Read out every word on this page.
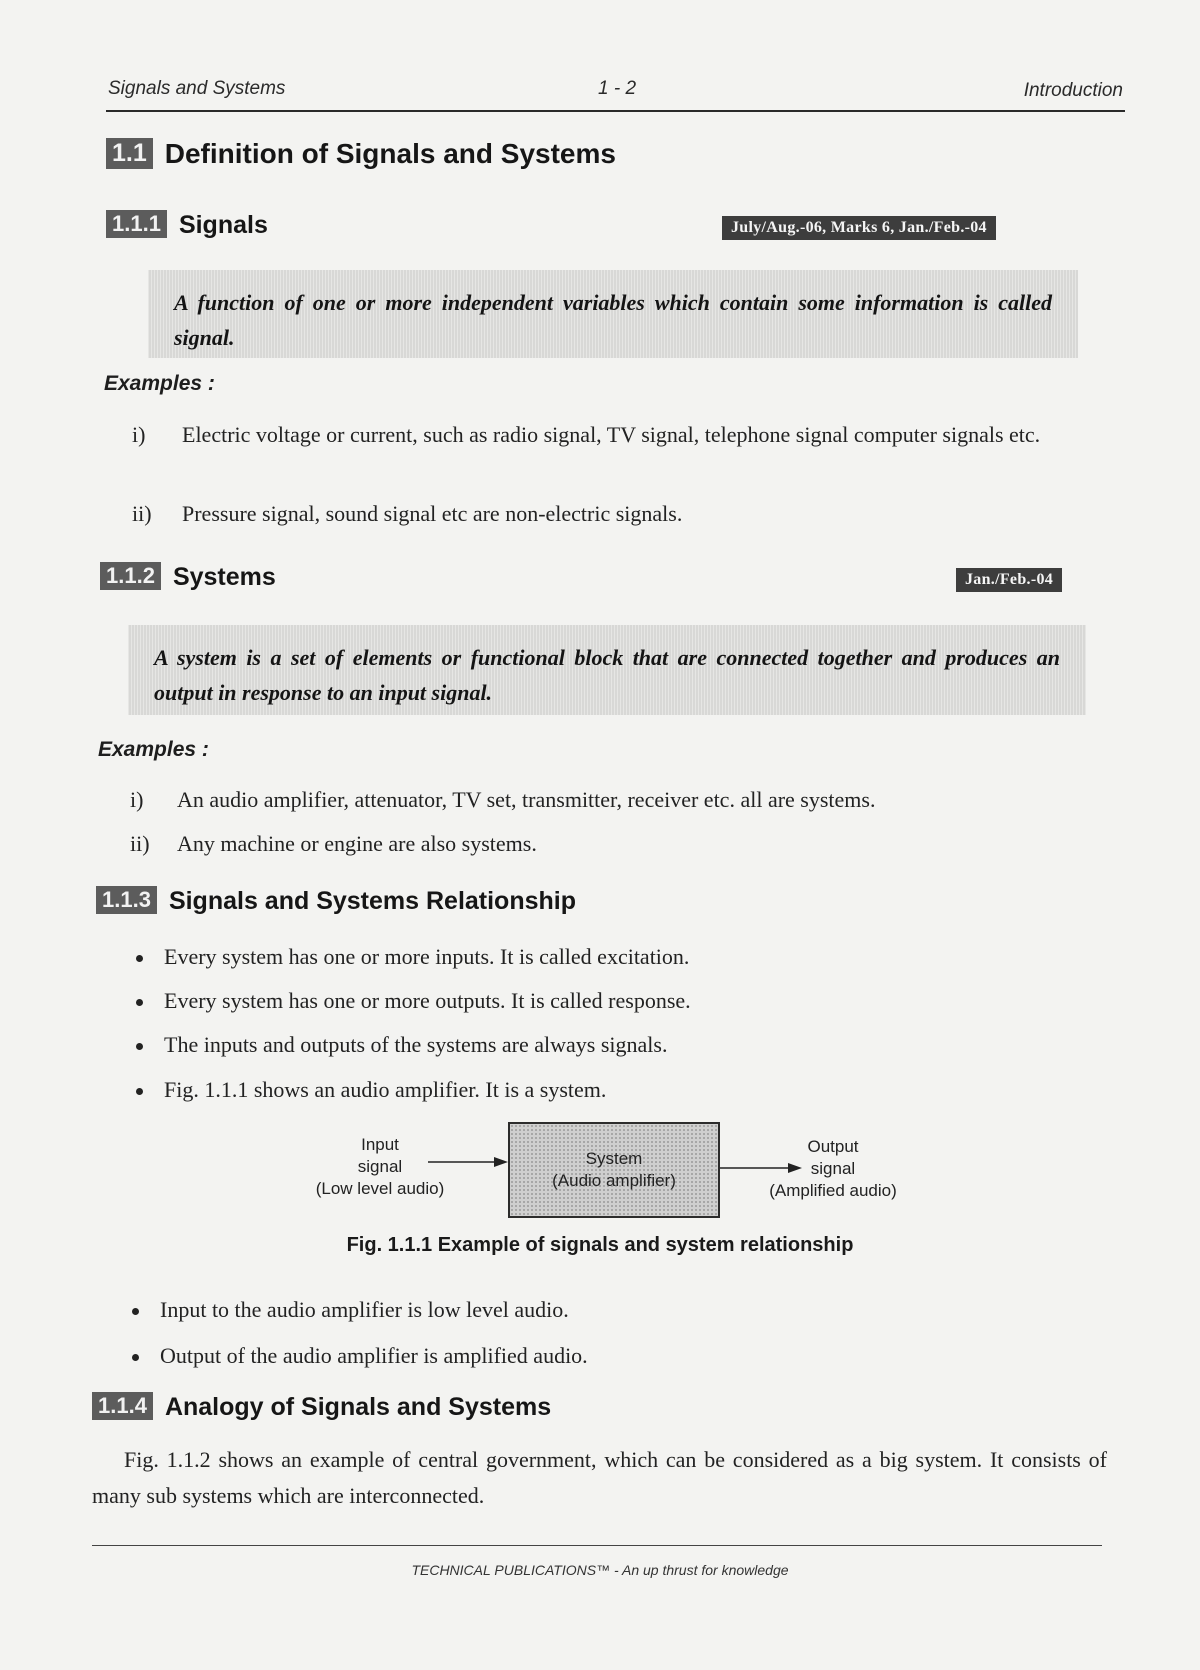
Signals and Systems	1 - 2	Introduction
1.1 Definition of Signals and Systems
1.1.1 Signals	July/Aug.-06, Marks 6, Jan./Feb.-04

A function of one or more independent variables which contain some information is called signal.

Examples :
i) Electric voltage or current, such as radio signal, TV signal, telephone signal computer signals etc.
ii) Pressure signal, sound signal etc are non-electric signals.
1.1.2 Systems	Jan./Feb.-04

A system is a set of elements or functional block that are connected together and produces an output in response to an input signal.

Examples :
i) An audio amplifier, attenuator, TV set, transmitter, receiver etc. all are systems.
ii) Any machine or engine are also systems.
1.1.3 Signals and Systems Relationship
Every system has one or more inputs. It is called excitation.
Every system has one or more outputs. It is called response.
The inputs and outputs of the systems are always signals.
Fig. 1.1.1 shows an audio amplifier. It is a system.
Input
signal
(Low level audio)
System
(Audio amplifier)
Output
signal
(Amplified audio)
Fig. 1.1.1 Example of signals and system relationship
Input to the audio amplifier is low level audio.
Output of the audio amplifier is amplified audio.
1.1.4 Analogy of Signals and Systems
Fig. 1.1.2 shows an example of central government, which can be considered as a big system. It consists of many sub systems which are interconnected.
TECHNICAL PUBLICATIONS™ - An up thrust for knowledge
